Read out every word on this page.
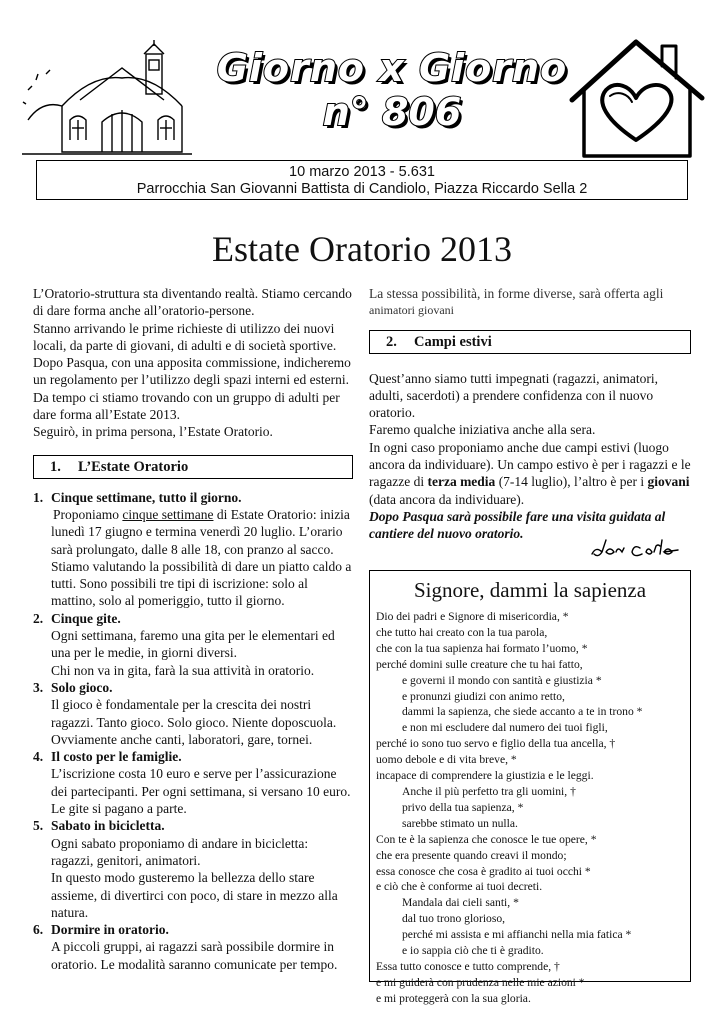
Giorno x Giorno
n° 806
10 marzo 2013 - 5.631
Parrocchia San Giovanni Battista di Candiolo, Piazza Riccardo Sella 2
Estate Oratorio 2013

L’Oratorio-struttura sta diventando realtà. Stiamo cercando di dare forma anche all’oratorio-persone.

Stanno arrivando le prime richieste di utilizzo dei nuovi locali, da parte di giovani, di adulti e di società sportive.

Dopo Pasqua, con una apposita commissione, indicheremo un regolamento per l’utilizzo degli spazi interni ed esterni.

Da tempo ci stiamo trovando con un gruppo di adulti per dare forma all’Estate 2013.

Seguirò, in prima persona, l’Estate Oratorio.

1. L’Estate Oratorio
1. Cinque settimane, tutto il giorno.
Proponiamo cinque settimane di Estate Oratorio: inizia lunedì 17 giugno e termina venerdì 20 luglio. L’orario sarà prolungato, dalle 8 alle 18, con pranzo al sacco. Stiamo valutando la possibilità di dare un piatto caldo a tutti. Sono possibili tre tipi di iscrizione: solo al mattino, solo al pomeriggio, tutto il giorno.
2. Cinque gite.
Ogni settimana, faremo una gita per le elementari ed una per le medie, in giorni diversi.
Chi non va in gita, farà la sua attività in oratorio.
3. Solo gioco.
Il gioco è fondamentale per la crescita dei nostri ragazzi. Tanto gioco. Solo gioco. Niente doposcuola.
Ovviamente anche canti, laboratori, gare, tornei.
4. Il costo per le famiglie.
L’iscrizione costa 10 euro e serve per l’assicurazione dei partecipanti. Per ogni settimana, si versano 10 euro.
Le gite si pagano a parte.
5. Sabato in bicicletta.
Ogni sabato proponiamo di andare in bicicletta: ragazzi, genitori, animatori.
In questo modo gusteremo la bellezza dello stare assieme, di divertirci con poco, di stare in mezzo alla natura.
6. Dormire in oratorio.
A piccoli gruppi, ai ragazzi sarà possibile dormire in oratorio. Le modalità saranno comunicate per tempo.

La stessa possibilità, in forme diverse, sarà offerta agli

animatori giovani

2. Campi estivi

Quest’anno siamo tutti impegnati (ragazzi, animatori, adulti, sacerdoti) a prendere confidenza con il nuovo oratorio.

Faremo qualche iniziativa anche alla sera.

In ogni caso proponiamo anche due campi estivi (luogo ancora da individuare). Un campo estivo è per i ragazzi e le ragazze di terza media (7-14 luglio), l’altro è per i giovani (data ancora da individuare).

Dopo Pasqua sarà possibile fare una visita guidata al cantiere del nuovo oratorio.

Signore, dammi la sapienza
Dio dei padri e Signore di misericordia, *
che tutto hai creato con la tua parola,
che con la tua sapienza hai formato l’uomo, *
perché domini sulle creature che tu hai fatto,
e governi il mondo con santità e giustizia *
e pronunzi giudizi con animo retto,
dammi la sapienza, che siede accanto a te in trono *
e non mi escludere dal numero dei tuoi figli,
perché io sono tuo servo e figlio della tua ancella, †
uomo debole e di vita breve, *
incapace di comprendere la giustizia e le leggi.
Anche il più perfetto tra gli uomini, †
privo della tua sapienza, *
sarebbe stimato un nulla.
Con te è la sapienza che conosce le tue opere, *
che era presente quando creavi il mondo;
essa conosce che cosa è gradito ai tuoi occhi *
e ciò che è conforme ai tuoi decreti.
Mandala dai cieli santi, *
dal tuo trono glorioso,
perché mi assista e mi affianchi nella mia fatica *
e io sappia ciò che ti è gradito.
Essa tutto conosce e tutto comprende, †
e mi guiderà con prudenza nelle mie azioni *
e mi proteggerà con la sua gloria.
